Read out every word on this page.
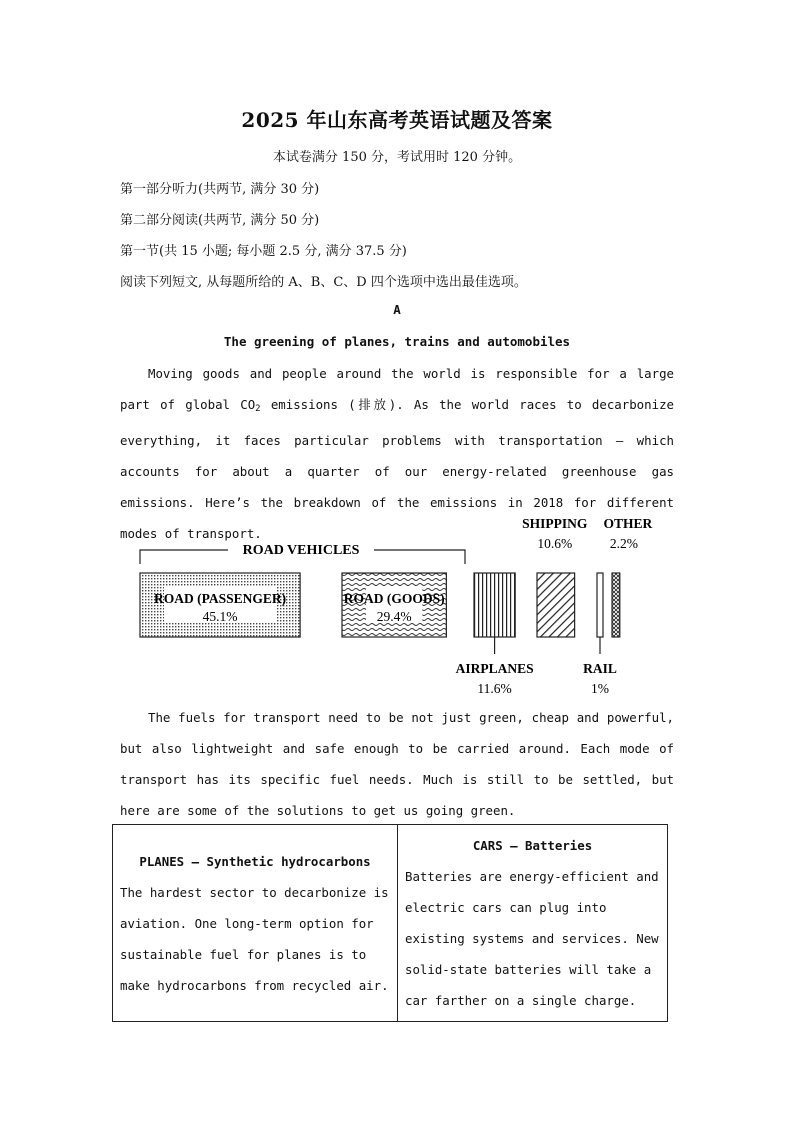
2025 年山东高考英语试题及答案
本试卷满分 150 分，考试用时 120 分钟。
第一部分听力(共两节, 满分 30 分)
第二部分阅读(共两节, 满分 50 分)
第一节(共 15 小题; 每小题 2.5 分, 满分 37.5 分)
阅读下列短文, 从每题所给的 A、B、C、D 四个选项中选出最佳选项。
A
The greening of planes, trains and automobiles

Moving goods and people around the world is responsible for a large part of global $CO_2$ emissions (排放). As the world races to decarbonize everything, it faces particular problems with transportation — which accounts for about a quarter of our energy-related greenhouse gas emissions. Here’s the breakdown of the emissions in 2018 for different modes of transport.

ROAD VEHICLES
ROAD (PASSENGER)
45.1%
ROAD (GOODS)
29.4%
AIRPLANES
11.6%
SHIPPING
10.6%
RAIL
1%
OTHER
2.2%

The fuels for transport need to be not just green, cheap and powerful, but also lightweight and safe enough to be carried around. Each mode of transport has its specific fuel needs. Much is still to be settled, but here are some of the solutions to get us going green.

PLANES — Synthetic hydrocarbons
The hardest sector to decarbonize is aviation. One long-term option for sustainable fuel for planes is to make hydrocarbons from recycled air.

CARS — Batteries
Batteries are energy-efficient and electric cars can plug into existing systems and services. New solid-state batteries will take a car farther on a single charge.
